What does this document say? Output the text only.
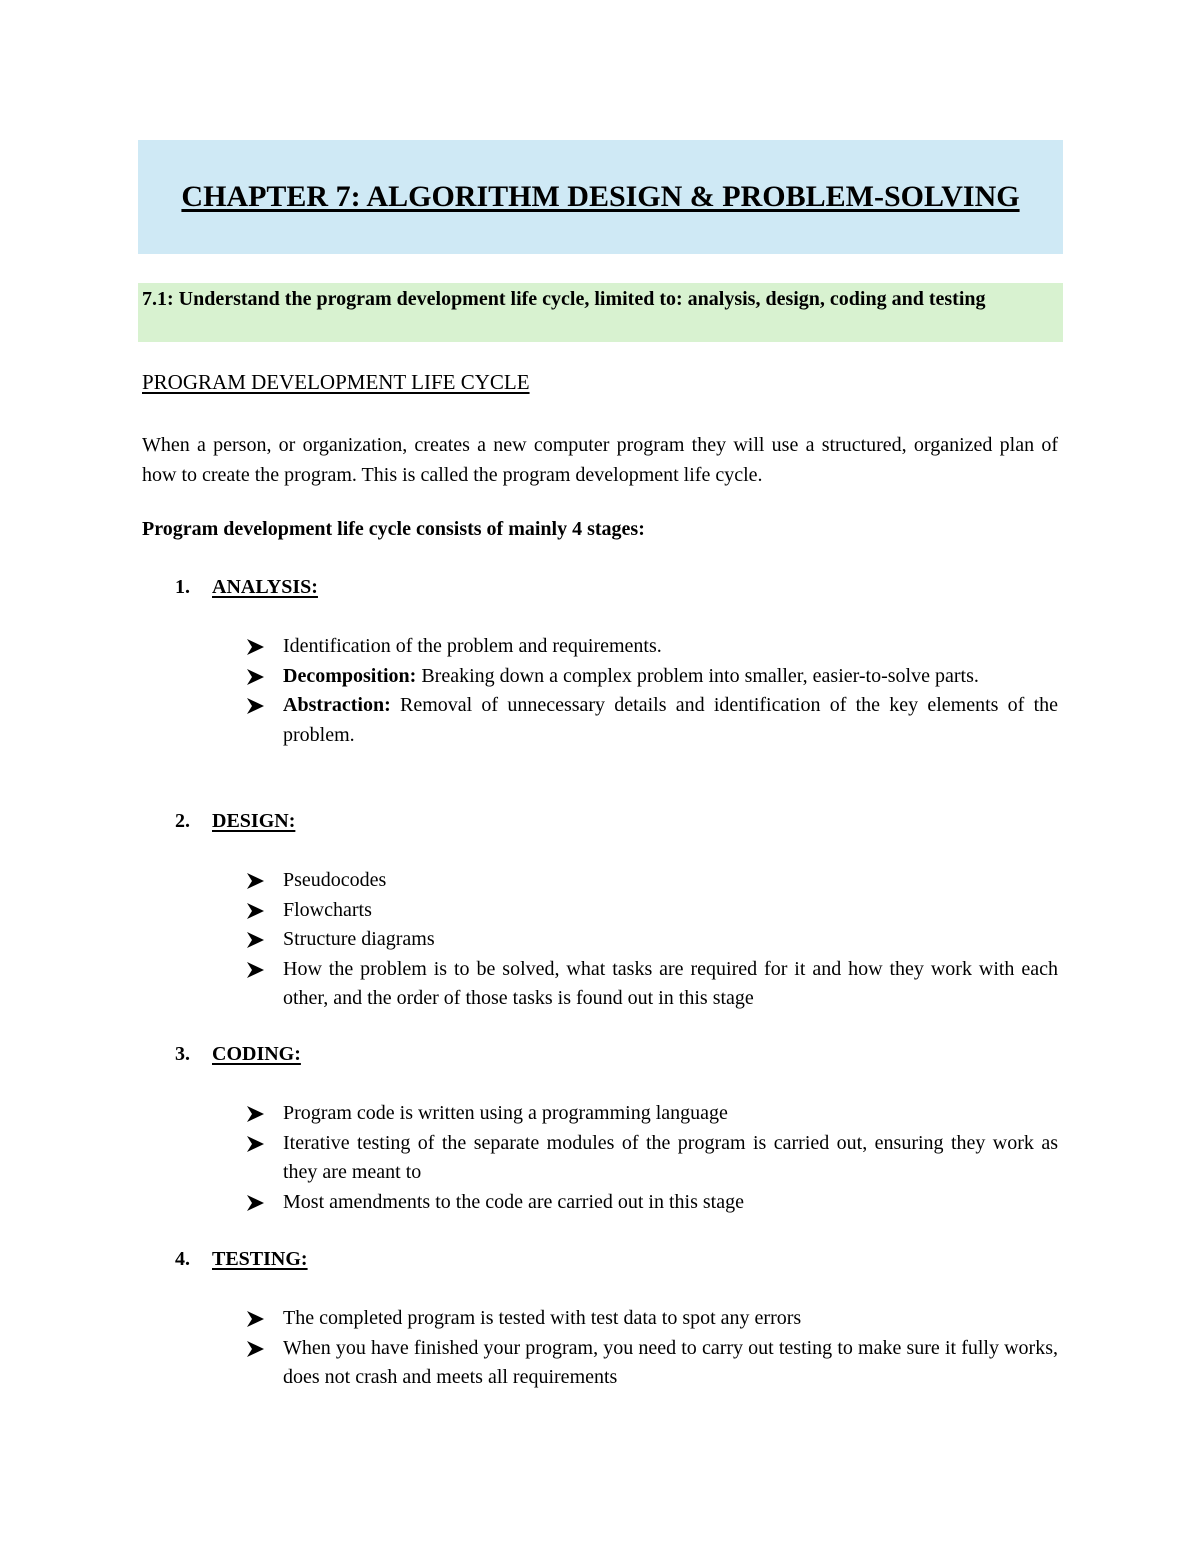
CHAPTER 7: ALGORITHM DESIGN & PROBLEM-SOLVING

7.1: Understand the program development life cycle, limited to: analysis, design, coding and testing

PROGRAM DEVELOPMENT LIFE CYCLE

When a person, or organization, creates a new computer program they will use a structured, organized plan of how to create the program. This is called the program development life cycle.

Program development life cycle consists of mainly 4 stages:

1. ANALYSIS:
Identification of the problem and requirements.
Decomposition: Breaking down a complex problem into smaller, easier-to-solve parts.
Abstraction: Removal of unnecessary details and identification of the key elements of the problem.
2. DESIGN:
Pseudocodes
Flowcharts
Structure diagrams
How the problem is to be solved, what tasks are required for it and how they work with each other, and the order of those tasks is found out in this stage
3. CODING:
Program code is written using a programming language
Iterative testing of the separate modules of the program is carried out, ensuring they work as they are meant to
Most amendments to the code are carried out in this stage
4. TESTING:
The completed program is tested with test data to spot any errors
When you have finished your program, you need to carry out testing to make sure it fully works, does not crash and meets all requirements
